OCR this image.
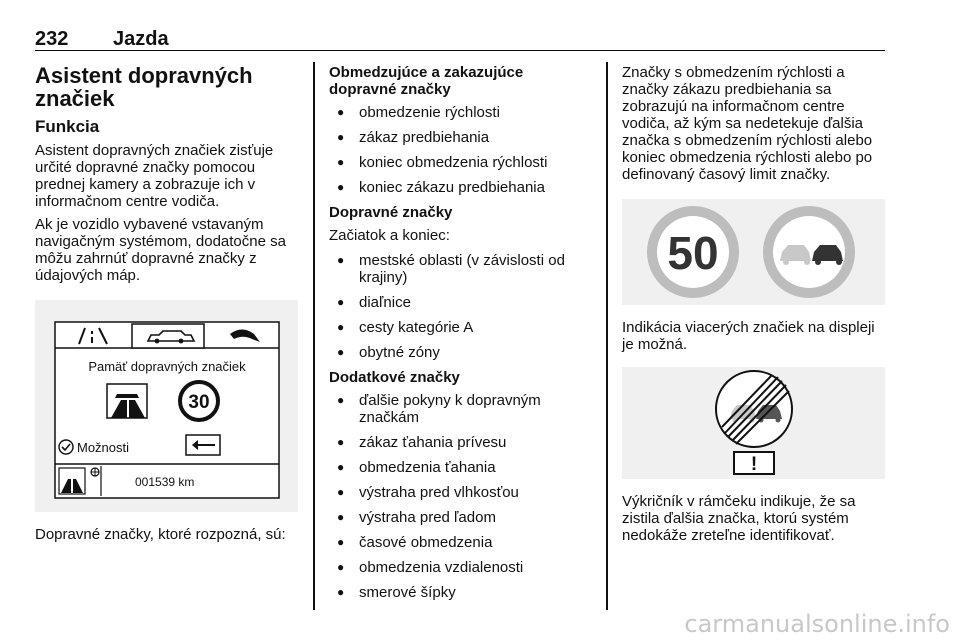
232 Jazda
Asistent dopravných značiek
Funkcia

Asistent dopravných značiek zisťuje určité dopravné značky pomocou prednej kamery a zobrazuje ich v informačnom centre vodiča.

Ak je vozidlo vybavené vstavaným navigačným systémom, dodatočne sa môžu zahrnúť dopravné značky z údajových máp.

Pamäť dopravných značiek
30
Možnosti
001539 km

Dopravné značky, ktoré rozpozná, sú:

Obmedzujúce a zakazujúce dopravné značky

● obmedzenie rýchlosti
● zákaz predbiehania
● koniec obmedzenia rýchlosti
● koniec zákazu predbiehania

Dopravné značky

Začiatok a koniec:

● mestské oblasti (v závislosti od krajiny)
● diaľnice
● cesty kategórie A
● obytné zóny

Dodatkové značky

● ďalšie pokyny k dopravným značkám
● zákaz ťahania prívesu
● obmedzenia ťahania
● výstraha pred vlhkosťou
● výstraha pred ľadom
● časové obmedzenia
● obmedzenia vzdialenosti
● smerové šípky

Značky s obmedzením rýchlosti a značky zákazu predbiehania sa zobrazujú na informačnom centre vodiča, až kým sa nedetekuje ďalšia značka s obmedzením rýchlosti alebo koniec obmedzenia rýchlosti alebo po definovaný časový limit značky.

50

Indikácia viacerých značiek na displeji je možná.

!

Výkričník v rámčeku indikuje, že sa zistila ďalšia značka, ktorú systém nedokáže zreteľne identifikovať.

carmanualsonline.info
